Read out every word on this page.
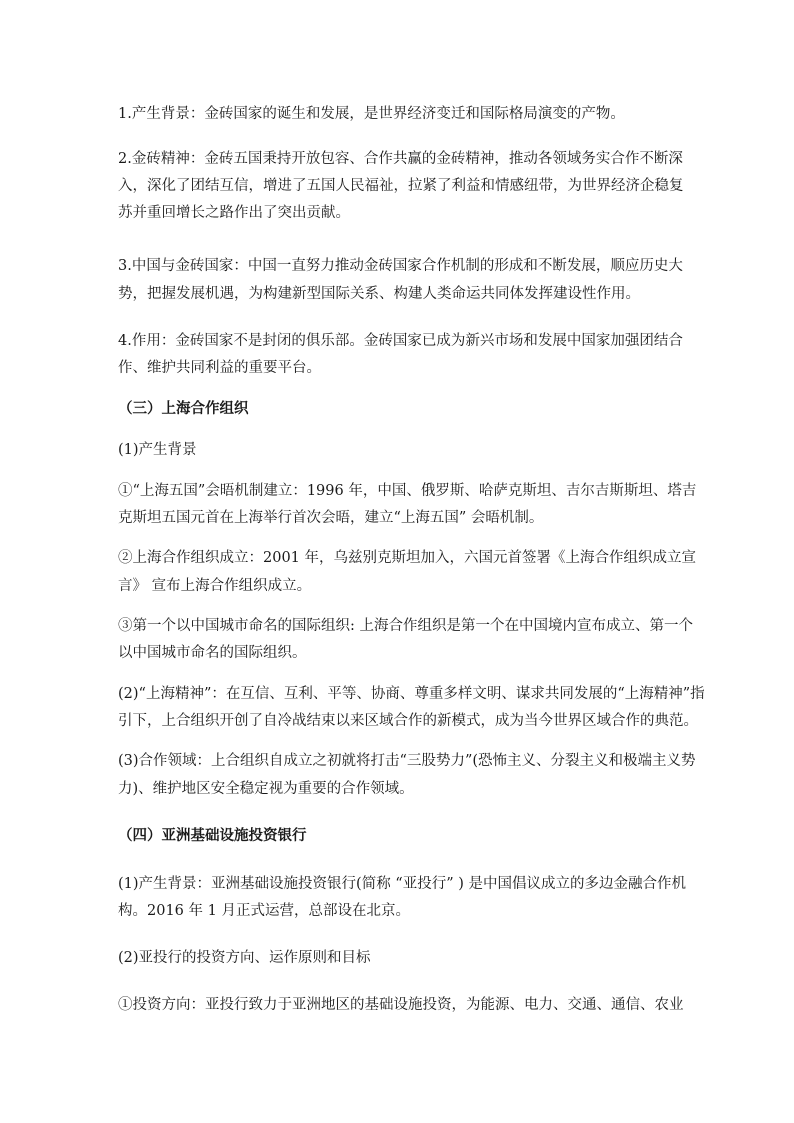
1.产生背景：金砖国家的诞生和发展，是世界经济变迁和国际格局演变的产物。
2.金砖精神：金砖五国秉持开放包容、合作共赢的金砖精神，推动各领域务实合作不断深
入，深化了团结互信，增进了五国人民福祉，拉紧了利益和情感纽带，为世界经济企稳复
苏并重回增长之路作出了突出贡献。
3.中国与金砖国家：中国一直努力推动金砖国家合作机制的形成和不断发展，顺应历史大
势，把握发展机遇，为构建新型国际关系、构建人类命运共同体发挥建设性作用。
4.作用：金砖国家不是封闭的俱乐部。金砖国家已成为新兴市场和发展中国家加强团结合
作、维护共同利益的重要平台。
（三）上海合作组织
(1)产生背景
①“上海五国”会晤机制建立：1996 年，中国、俄罗斯、哈萨克斯坦、吉尔吉斯斯坦、塔吉
克斯坦五国元首在上海举行首次会晤，建立“上海五国” 会晤机制。
②上海合作组织成立：2001 年，乌兹别克斯坦加入，六国元首签署《上海合作组织成立宣
言》 宣布上海合作组织成立。
③第一个以中国城市命名的国际组织: 上海合作组织是第一个在中国境内宣布成立、第一个
以中国城市命名的国际组织。
(2)“上海精神”：在互信、互利、平等、协商、尊重多样文明、谋求共同发展的“上海精神”指
引下，上合组织开创了自冷战结束以来区域合作的新模式，成为当今世界区域合作的典范。
(3)合作领域：上合组织自成立之初就将打击“三股势力”(恐怖主义、分裂主义和极端主义势
力)、维护地区安全稳定视为重要的合作领域。
（四）亚洲基础设施投资银行
(1)产生背景：亚洲基础设施投资银行(简称 “亚投行” ) 是中国倡议成立的多边金融合作机
构。2016 年 1 月正式运营，总部设在北京。
(2)亚投行的投资方向、运作原则和目标
①投资方向：亚投行致力于亚洲地区的基础设施投资，为能源、电力、交通、通信、农业
